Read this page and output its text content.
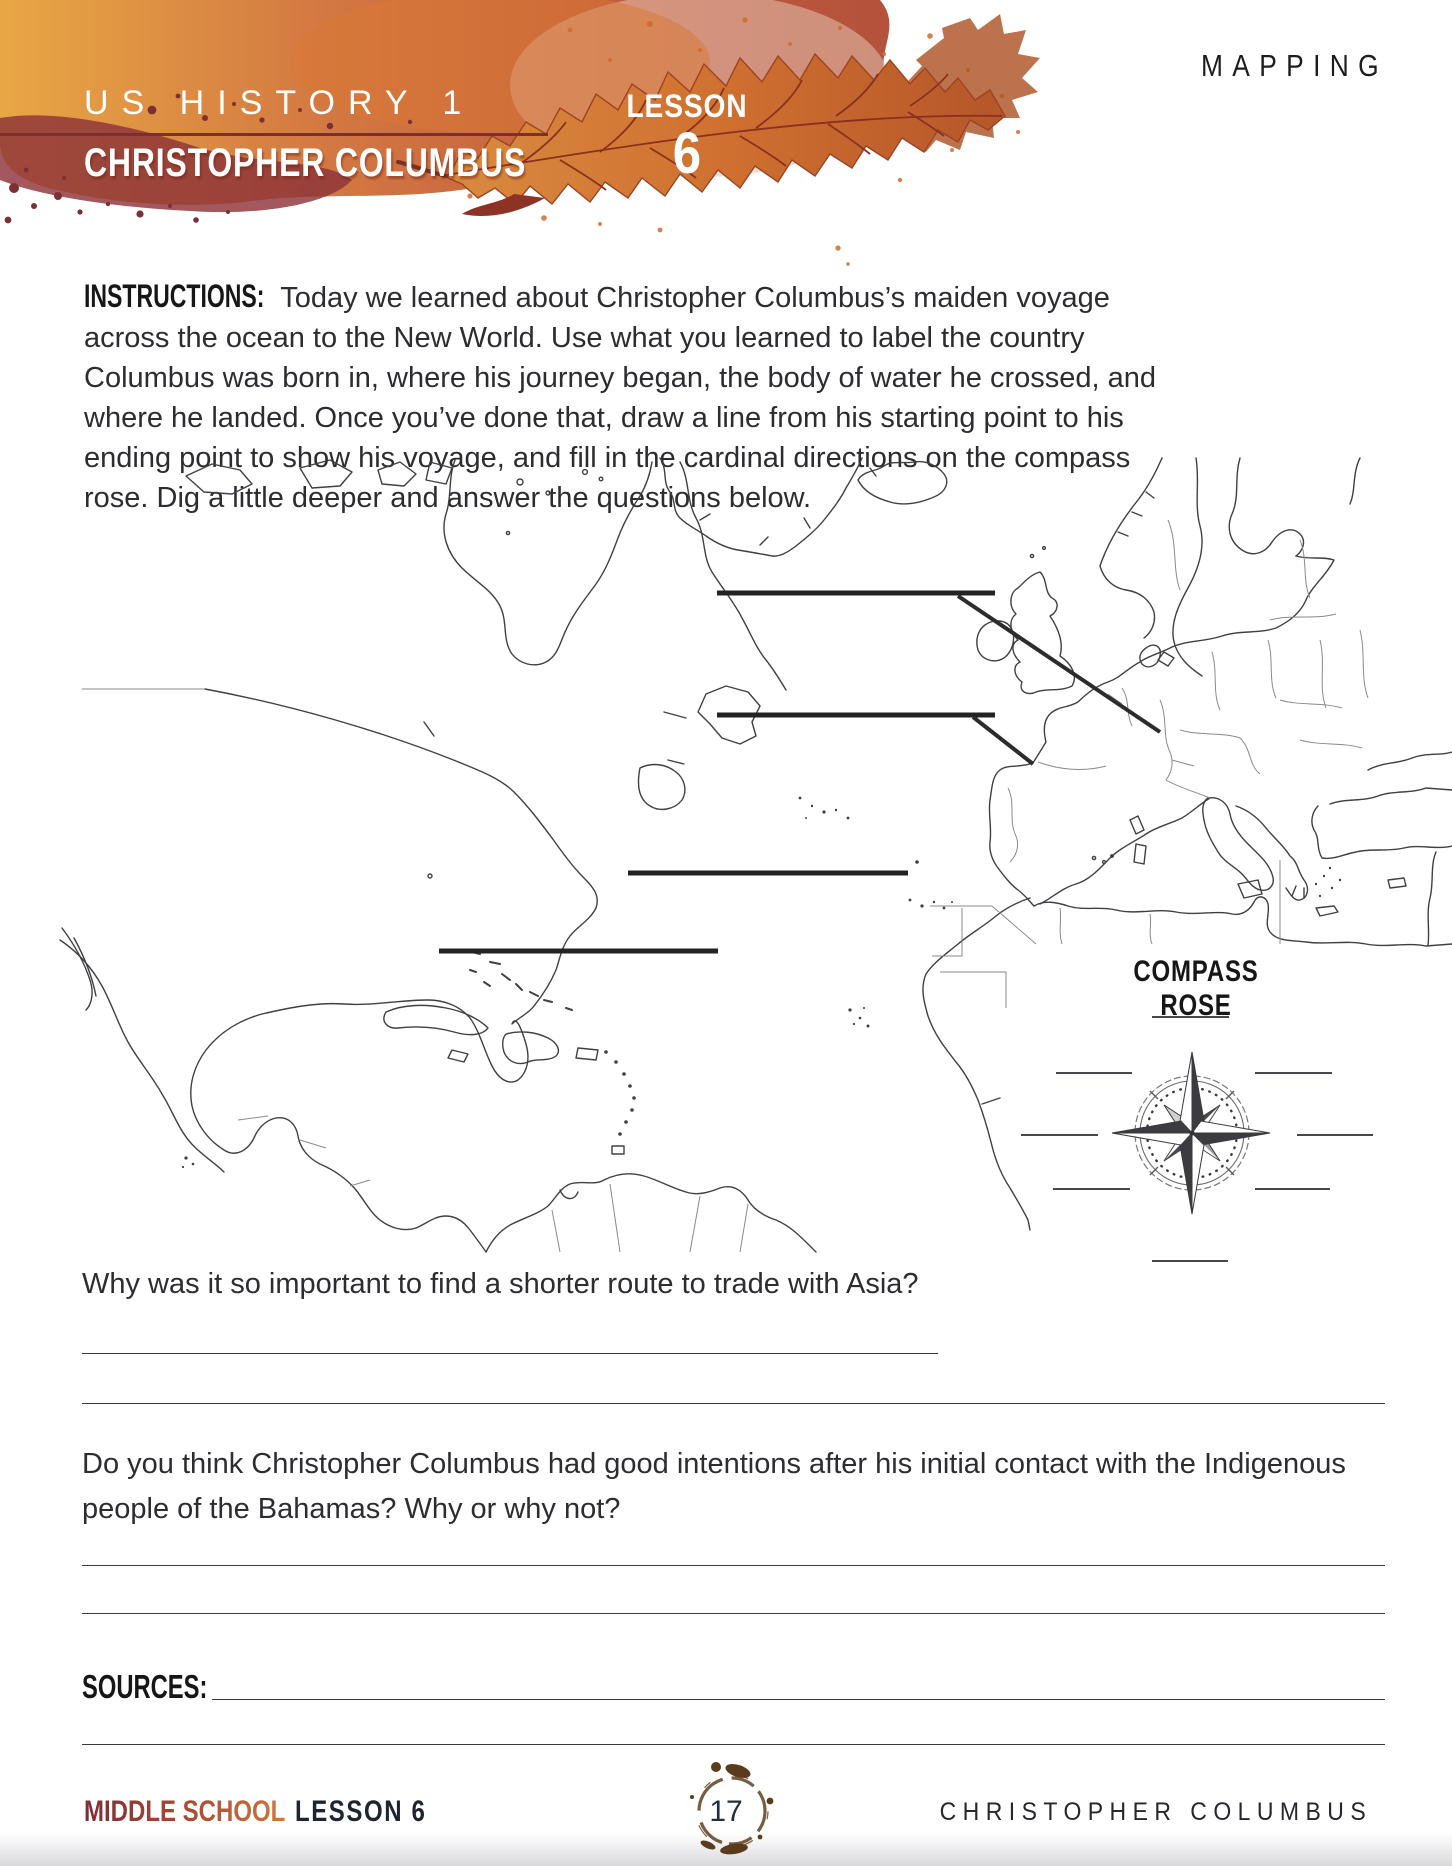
US HISTORY 1
CHRISTOPHER COLUMBUS
LESSON
6
MAPPING

INSTRUCTIONS: Today we learned about Christopher Columbus’s maiden voyage across the ocean to the New World. Use what you learned to label the country Columbus was born in, where his journey began, the body of water he crossed, and where he landed. Once you’ve done that, draw a line from his starting point to his ending point to show his voyage, and fill in the cardinal directions on the compass rose. Dig a little deeper and answer the questions below.

COMPASS ROSE
Why was it so important to find a shorter route to trade with Asia?
Do you think Christopher Columbus had good intentions after his initial contact with the Indigenous people of the Bahamas? Why or why not?
SOURCES:
MIDDLE SCHOOL LESSON 6	17	CHRISTOPHER COLUMBUS
